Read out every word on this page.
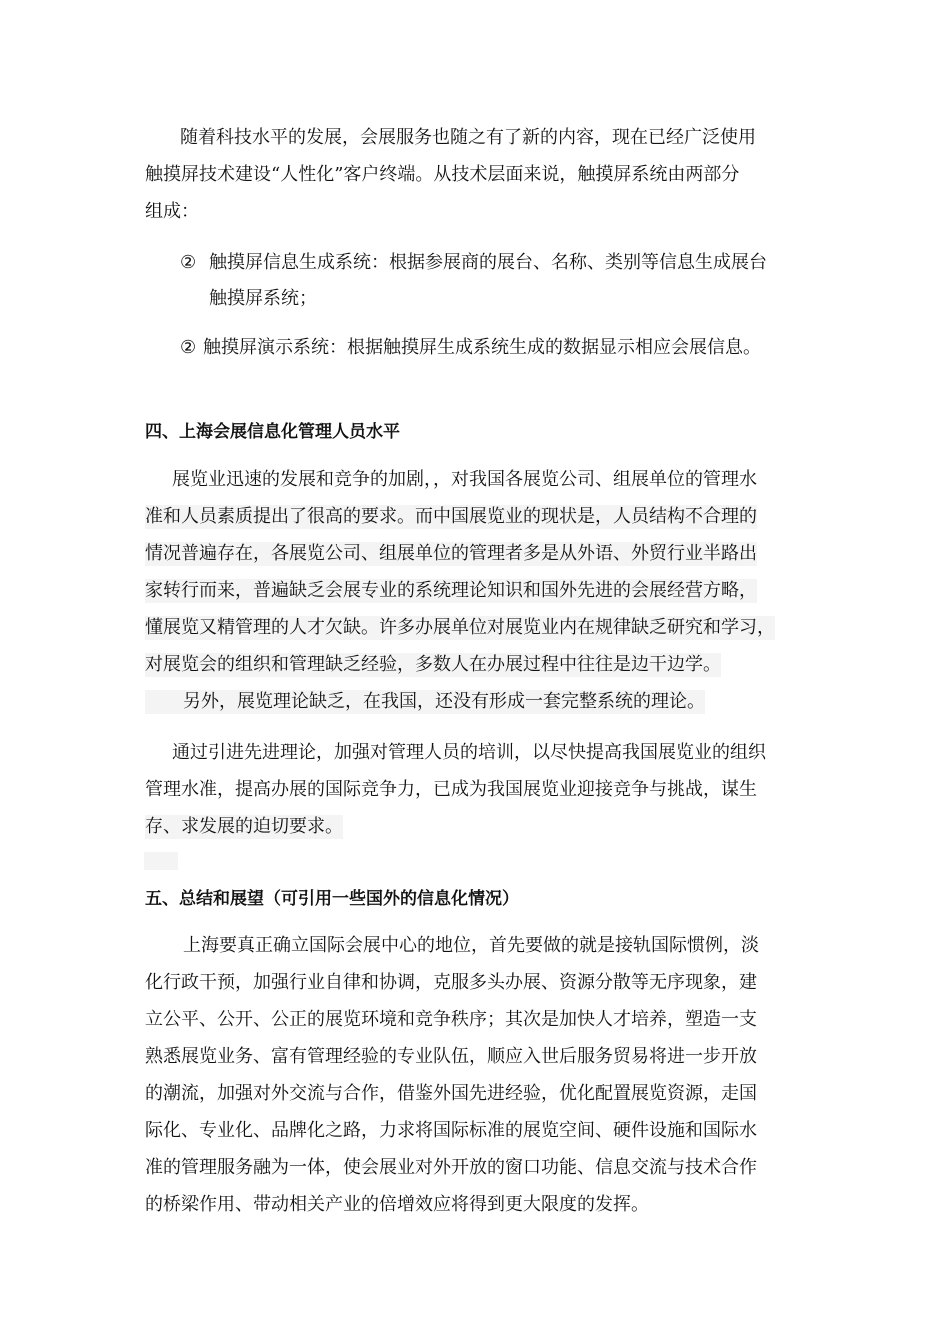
随着科技水平的发展，会展服务也随之有了新的内容，现在已经广泛使用
触摸屏技术建设“人性化”客户终端。从技术层面来说，触摸屏系统由两部分
组成：
② 触摸屏信息生成系统：根据参展商的展台、名称、类别等信息生成展台
触摸屏系统；
② 触摸屏演示系统：根据触摸屏生成系统生成的数据显示相应会展信息。
四、上海会展信息化管理人员水平
展览业迅速的发展和竞争的加剧，，对我国各展览公司、组展单位的管理水
准和人员素质提出了很高的要求。而中国展览业的现状是，人员结构不合理的
情况普遍存在，各展览公司、组展单位的管理者多是从外语、外贸行业半路出
家转行而来，普遍缺乏会展专业的系统理论知识和国外先进的会展经营方略，
懂展览又精管理的人才欠缺。许多办展单位对展览业内在规律缺乏研究和学习，
对展览会的组织和管理缺乏经验，多数人在办展过程中往往是边干边学。
另外，展览理论缺乏，在我国，还没有形成一套完整系统的理论。
通过引进先进理论，加强对管理人员的培训，以尽快提高我国展览业的组织
管理水准，提高办展的国际竞争力，已成为我国展览业迎接竞争与挑战，谋生
存、求发展的迫切要求。
五、总结和展望（可引用一些国外的信息化情况）
上海要真正确立国际会展中心的地位，首先要做的就是接轨国际惯例，淡
化行政干预，加强行业自律和协调，克服多头办展、资源分散等无序现象，建
立公平、公开、公正的展览环境和竞争秩序；其次是加快人才培养，塑造一支
熟悉展览业务、富有管理经验的专业队伍，顺应入世后服务贸易将进一步开放
的潮流，加强对外交流与合作，借鉴外国先进经验，优化配置展览资源，走国
际化、专业化、品牌化之路，力求将国际标准的展览空间、硬件设施和国际水
准的管理服务融为一体，使会展业对外开放的窗口功能、信息交流与技术合作
的桥梁作用、带动相关产业的倍增效应将得到更大限度的发挥。
